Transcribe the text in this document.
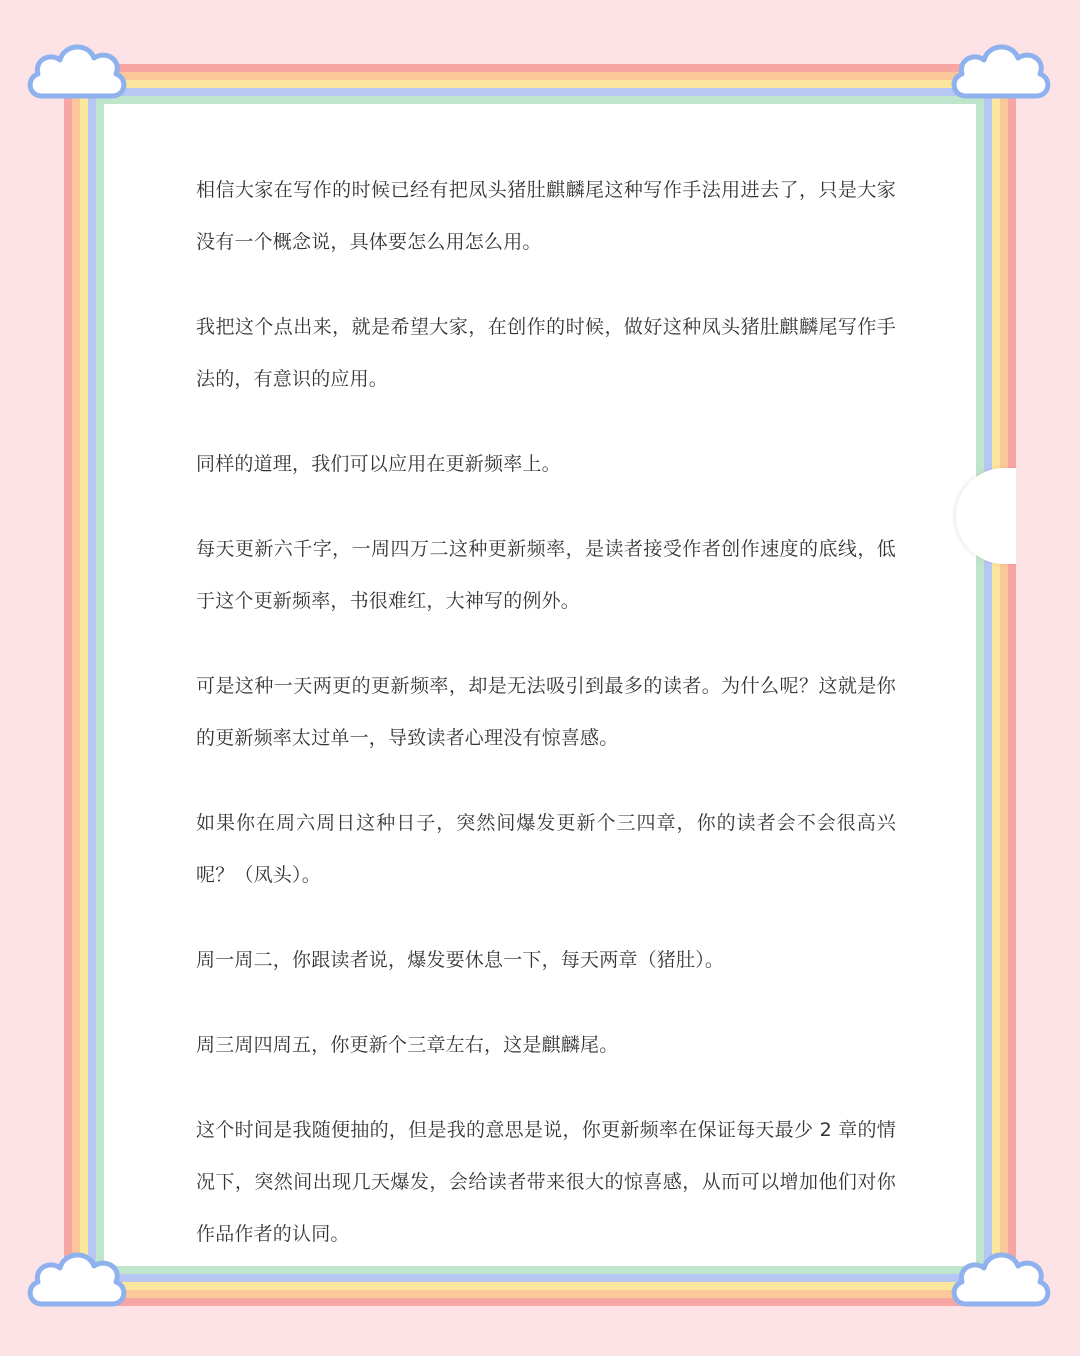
相信大家在写作的时候已经有把凤头猪肚麒麟尾这种写作手法用进去了，只是大家没有一个概念说，具体要怎么用怎么用。

我把这个点出来，就是希望大家，在创作的时候，做好这种凤头猪肚麒麟尾写作手法的，有意识的应用。

同样的道理，我们可以应用在更新频率上。

每天更新六千字，一周四万二这种更新频率，是读者接受作者创作速度的底线，低于这个更新频率，书很难红，大神写的例外。

可是这种一天两更的更新频率，却是无法吸引到最多的读者。为什么呢？这就是你的更新频率太过单一，导致读者心理没有惊喜感。

如果你在周六周日这种日子，突然间爆发更新个三四章，你的读者会不会很高兴呢？（凤头）。

周一周二，你跟读者说，爆发要休息一下，每天两章（猪肚）。

周三周四周五，你更新个三章左右，这是麒麟尾。

这个时间是我随便抽的，但是我的意思是说，你更新频率在保证每天最少 2 章的情况下，突然间出现几天爆发，会给读者带来很大的惊喜感，从而可以增加他们对你作品作者的认同。
